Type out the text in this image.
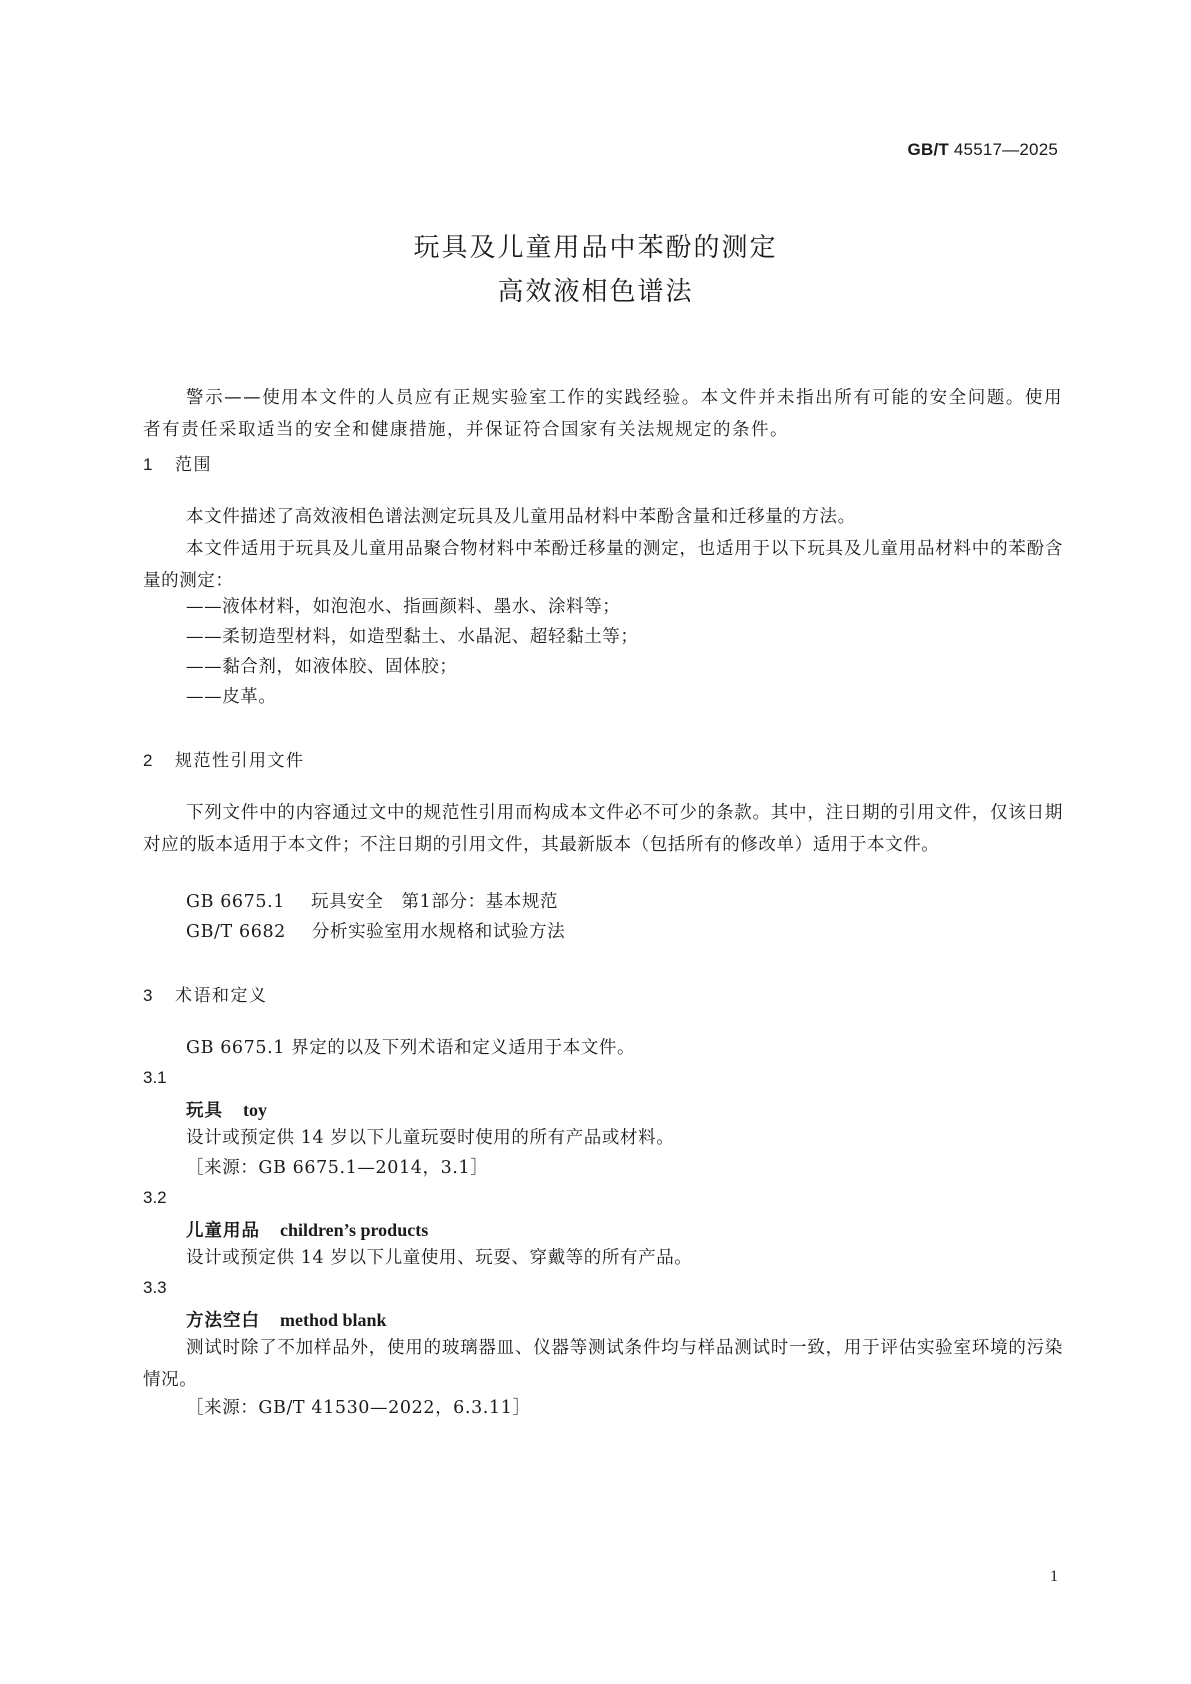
GB/T 45517—2025
玩具及儿童用品中苯酚的测定
高效液相色谱法
警示——使用本文件的人员应有正规实验室工作的实践经验。本文件并未指出所有可能的安全问题。使用者有责任采取适当的安全和健康措施，并保证符合国家有关法规规定的条件。
1 范围
本文件描述了高效液相色谱法测定玩具及儿童用品材料中苯酚含量和迁移量的方法。
本文件适用于玩具及儿童用品聚合物材料中苯酚迁移量的测定，也适用于以下玩具及儿童用品材料中的苯酚含量的测定：
——液体材料，如泡泡水、指画颜料、墨水、涂料等；
——柔韧造型材料，如造型黏土、水晶泥、超轻黏土等；
——黏合剂，如液体胶、固体胶；
——皮革。
2 规范性引用文件
下列文件中的内容通过文中的规范性引用而构成本文件必不可少的条款。其中，注日期的引用文件，仅该日期对应的版本适用于本文件；不注日期的引用文件，其最新版本（包括所有的修改单）适用于本文件。
GB 6675.1 玩具安全　第1部分：基本规范
GB/T 6682 分析实验室用水规格和试验方法
3 术语和定义
GB 6675.1 界定的以及下列术语和定义适用于本文件。
3.1
玩具 toy
设计或预定供 14 岁以下儿童玩耍时使用的所有产品或材料。
［来源：GB 6675.1—2014，3.1］
3.2
儿童用品 children’s products
设计或预定供 14 岁以下儿童使用、玩耍、穿戴等的所有产品。
3.3
方法空白 method blank
测试时除了不加样品外，使用的玻璃器皿、仪器等测试条件均与样品测试时一致，用于评估实验室环境的污染情况。
［来源：GB/T 41530—2022，6.3.11］
1
